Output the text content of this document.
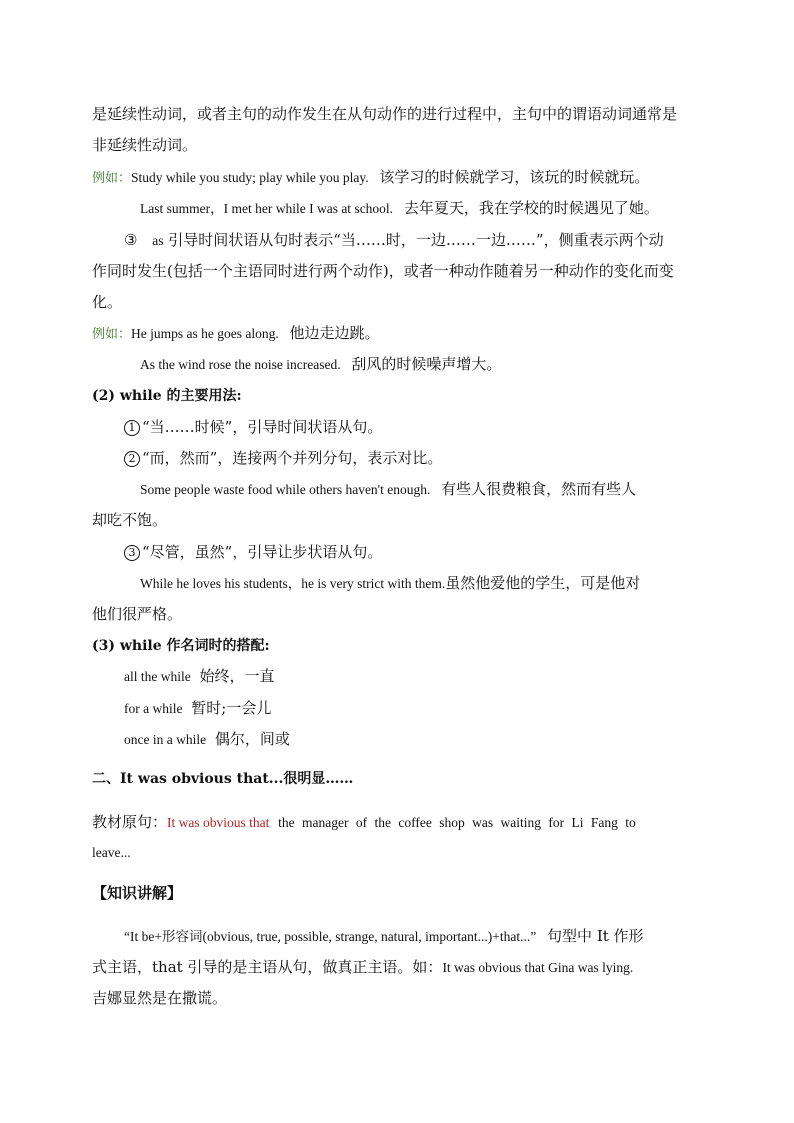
是延续性动词，或者主句的动作发生在从句动作的进行过程中，主句中的谓语动词通常是
非延续性动词。
例如：Study while you study; play while you play. 该学习的时候就学习，该玩的时候就玩。
Last summer，I met her while I was at school. 去年夏天，我在学校的时候遇见了她。
③ as 引导时间状语从句时表示“当……时，一边……一边……”，侧重表示两个动
作同时发生(包括一个主语同时进行两个动作)，或者一种动作随着另一种动作的变化而变
化。
例如：He jumps as he goes along. 他边走边跳。
As the wind rose the noise increased. 刮风的时候噪声增大。
(2) while 的主要用法:
1 “当……时候”，引导时间状语从句。
2 “而，然而”，连接两个并列分句，表示对比。
Some people waste food while others haven't enough. 有些人很费粮食，然而有些人
却吃不饱。
3 “尽管，虽然”，引导让步状语从句。
While he loves his students，he is very strict with them.虽然他爱他的学生，可是他对
他们很严格。
(3) while 作名词时的搭配:
all the while 始终，一直
for a while 暂时;一会儿
once in a while 偶尔，间或
二、It was obvious that...很明显……
教材原句：It was obvious that the manager of the coffee shop was waiting for Li Fang to
leave...
【知识讲解】
“It be+形容词(obvious, true, possible, strange, natural, important...)+that...” 句型中 It 作形
式主语，that 引导的是主语从句，做真正主语。如：It was obvious that Gina was lying.
吉娜显然是在撒谎。
